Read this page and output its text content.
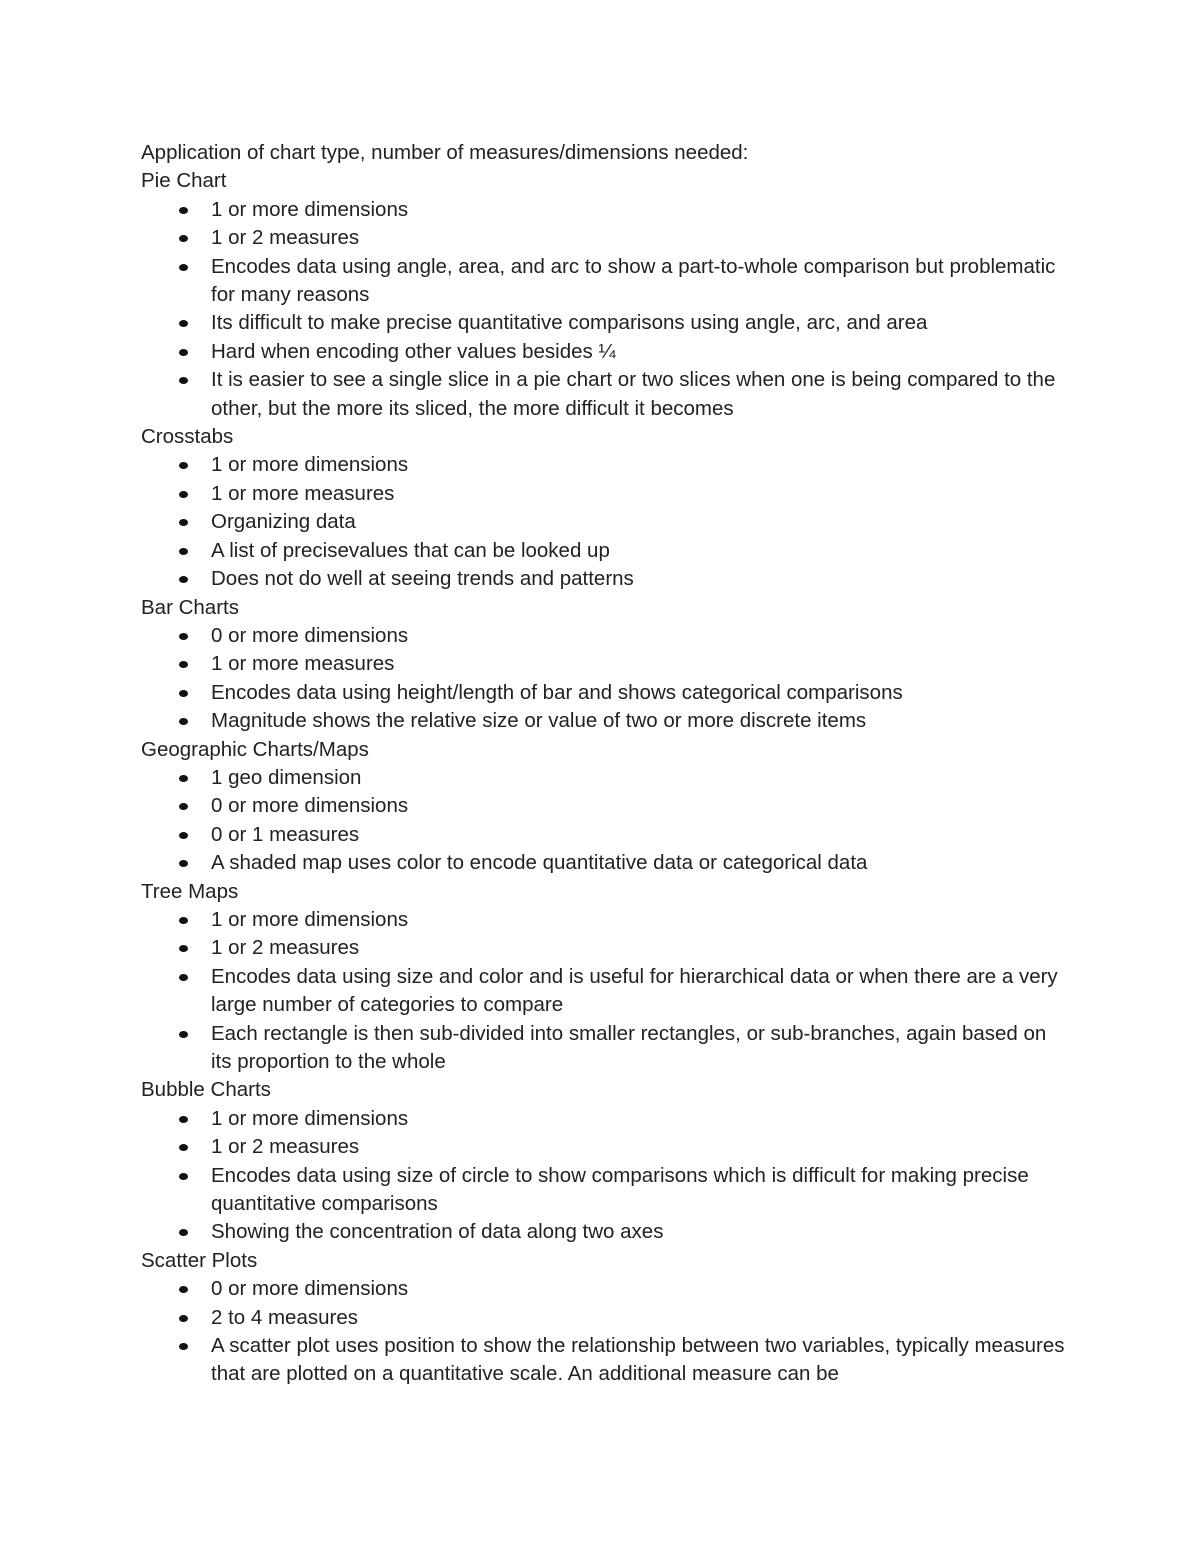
Application of chart type, number of measures/dimensions needed:

Pie Chart

1 or more dimensions
1 or 2 measures
Encodes data using angle, area, and arc to show a part-to-whole comparison but problematic for many reasons
Its difficult to make precise quantitative comparisons using angle, arc, and area
Hard when encoding other values besides ¼
It is easier to see a single slice in a pie chart or two slices when one is being compared to the other, but the more its sliced, the more difficult it becomes

Crosstabs

1 or more dimensions
1 or more measures
Organizing data
A list of precisevalues that can be looked up
Does not do well at seeing trends and patterns

Bar Charts

0 or more dimensions
1 or more measures
Encodes data using height/length of bar and shows categorical comparisons
Magnitude shows the relative size or value of two or more discrete items

Geographic Charts/Maps

1 geo dimension
0 or more dimensions
0 or 1 measures
A shaded map uses color to encode quantitative data or categorical data

Tree Maps

1 or more dimensions
1 or 2 measures
Encodes data using size and color and is useful for hierarchical data or when there are a very large number of categories to compare
Each rectangle is then sub-divided into smaller rectangles, or sub-branches, again based on its proportion to the whole

Bubble Charts

1 or more dimensions
1 or 2 measures
Encodes data using size of circle to show comparisons which is difficult for making precise quantitative comparisons
Showing the concentration of data along two axes

Scatter Plots

0 or more dimensions
2 to 4 measures
A scatter plot uses position to show the relationship between two variables, typically measures that are plotted on a quantitative scale. An additional measure can be
